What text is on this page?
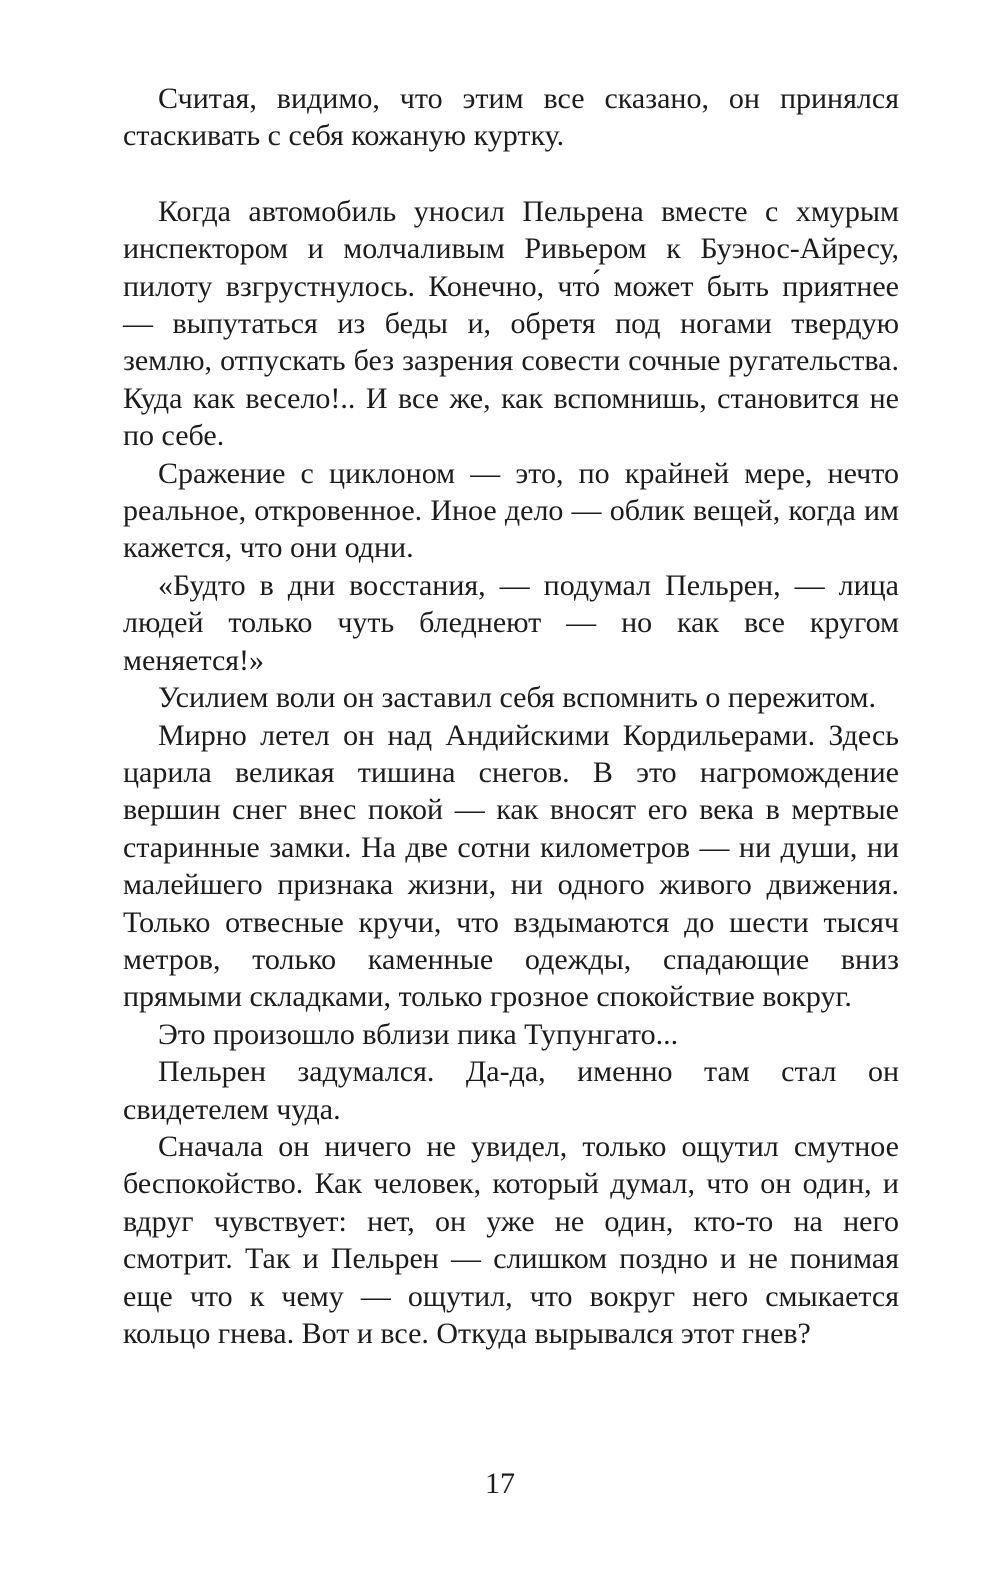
Считая, видимо, что этим все сказано, он принялся стаскивать с себя кожаную куртку.

Когда автомобиль уносил Пельрена вместе с хмурым инспектором и молчаливым Ривьером к Буэнос-Айресу, пилоту взгрустнулось. Конечно, что́ может быть приятнее — выпутаться из беды и, обретя под ногами твердую землю, отпускать без зазрения совести сочные ругательства. Куда как весело!.. И все же, как вспомнишь, становится не по себе.

Сражение с циклоном — это, по крайней мере, нечто реальное, откровенное. Иное дело — облик вещей, когда им кажется, что они одни.

«Будто в дни восстания, — подумал Пельрен, — лица людей только чуть бледнеют — но как все кругом меняется!»

Усилием воли он заставил себя вспомнить о пережитом.

Мирно летел он над Андийскими Кордильерами. Здесь царила великая тишина снегов. В это нагромождение вершин снег внес покой — как вносят его века в мертвые старинные замки. На две сотни километров — ни души, ни малейшего признака жизни, ни одного живого движения. Только отвесные кручи, что вздымаются до шести тысяч метров, только каменные одежды, спадающие вниз прямыми складками, только грозное спокойствие вокруг.

Это произошло вблизи пика Тупунгато...

Пельрен задумался. Да-да, именно там стал он свидетелем чуда.

Сначала он ничего не увидел, только ощутил смутное беспокойство. Как человек, который думал, что он один, и вдруг чувствует: нет, он уже не один, кто-то на него смотрит. Так и Пельрен — слишком поздно и не понимая еще что к чему — ощутил, что вокруг него смыкается кольцо гнева. Вот и все. Откуда вырывался этот гнев?

17
